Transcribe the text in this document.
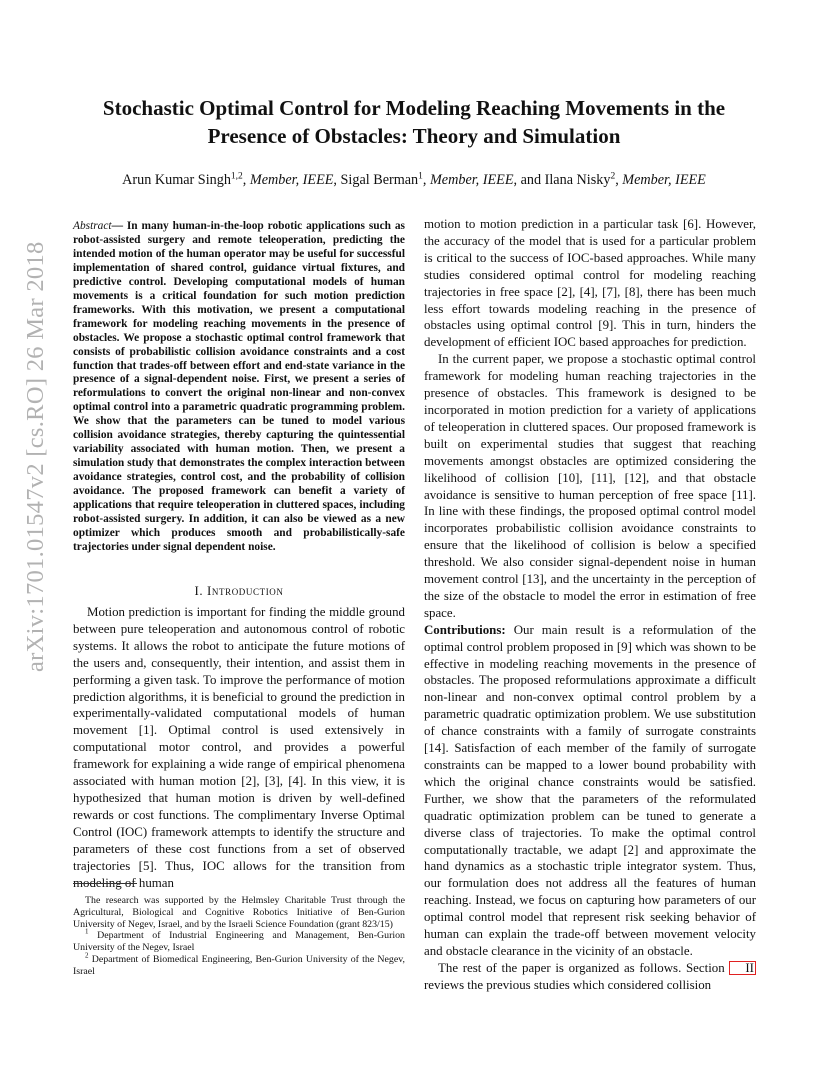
Stochastic Optimal Control for Modeling Reaching Movements in the
Presence of Obstacles: Theory and Simulation
Arun Kumar Singh$^{1,2}$, Member, IEEE, Sigal Berman$^1$, Member, IEEE, and Ilana Nisky$^2$, Member, IEEE
arXiv:1701.01547v2 [cs.RO] 26 Mar 2018
Abstract— In many human-in-the-loop robotic applications such as robot-assisted surgery and remote teleoperation, predicting the intended motion of the human operator may be useful for successful implementation of shared control, guidance virtual fixtures, and predictive control. Developing computational models of human movements is a critical foundation for such motion prediction frameworks. With this motivation, we present a computational framework for modeling reaching movements in the presence of obstacles. We propose a stochastic optimal control framework that consists of probabilistic collision avoidance constraints and a cost function that trades-off between effort and end-state variance in the presence of a signal-dependent noise. First, we present a series of reformulations to convert the original non-linear and non-convex optimal control into a parametric quadratic programming problem. We show that the parameters can be tuned to model various collision avoidance strategies, thereby capturing the quintessential variability associated with human motion. Then, we present a simulation study that demonstrates the complex interaction between avoidance strategies, control cost, and the probability of collision avoidance. The proposed framework can benefit a variety of applications that require teleoperation in cluttered spaces, including robot-assisted surgery. In addition, it can also be viewed as a new optimizer which produces smooth and probabilistically-safe trajectories under signal dependent noise.
I. Introduction

Motion prediction is important for finding the middle ground between pure teleoperation and autonomous control of robotic systems. It allows the robot to anticipate the future motions of the users and, consequently, their intention, and assist them in performing a given task. To improve the performance of motion prediction algorithms, it is beneficial to ground the prediction in experimentally-validated computational models of human movement [1]. Optimal control is used extensively in computational motor control, and provides a powerful framework for explaining a wide range of empirical phenomena associated with human motion [2], [3], [4]. In this view, it is hypothesized that human motion is driven by well-defined rewards or cost functions. The complimentary Inverse Optimal Control (IOC) framework attempts to identify the structure and parameters of these cost functions from a set of observed trajectories [5]. Thus, IOC allows for the transition from modeling of human

The research was supported by the Helmsley Charitable Trust through the Agricultural, Biological and Cognitive Robotics Initiative of Ben-Gurion University of Negev, Israel, and by the Israeli Science Foundation (grant 823/15)

$^1$ Department of Industrial Engineering and Management, Ben-Gurion University of the Negev, Israel

$^2$ Department of Biomedical Engineering, Ben-Gurion University of the Negev, Israel

motion to motion prediction in a particular task [6]. However, the accuracy of the model that is used for a particular problem is critical to the success of IOC-based approaches. While many studies considered optimal control for modeling reaching trajectories in free space [2], [4], [7], [8], there has been much less effort towards modeling reaching in the presence of obstacles using optimal control [9]. This in turn, hinders the development of efficient IOC based approaches for prediction.

In the current paper, we propose a stochastic optimal control framework for modeling human reaching trajectories in the presence of obstacles. This framework is designed to be incorporated in motion prediction for a variety of applications of teleoperation in cluttered spaces. Our proposed framework is built on experimental studies that suggest that reaching movements amongst obstacles are optimized considering the likelihood of collision [10], [11], [12], and that obstacle avoidance is sensitive to human perception of free space [11]. In line with these findings, the proposed optimal control model incorporates probabilistic collision avoidance constraints to ensure that the likelihood of collision is below a specified threshold. We also consider signal-dependent noise in human movement control [13], and the uncertainty in the perception of the size of the obstacle to model the error in estimation of free space.

Contributions: Our main result is a reformulation of the optimal control problem proposed in [9] which was shown to be effective in modeling reaching movements in the presence of obstacles. The proposed reformulations approximate a difficult non-linear and non-convex optimal control problem by a parametric quadratic optimization problem. We use substitution of chance constraints with a family of surrogate constraints [14]. Satisfaction of each member of the family of surrogate constraints can be mapped to a lower bound probability with which the original chance constraints would be satisfied. Further, we show that the parameters of the reformulated quadratic optimization problem can be tuned to generate a diverse class of trajectories. To make the optimal control computationally tractable, we adapt [2] and approximate the hand dynamics as a stochastic triple integrator system. Thus, our formulation does not address all the features of human reaching. Instead, we focus on capturing how parameters of our optimal control model that represent risk seeking behavior of human can explain the trade-off between movement velocity and obstacle clearance in the vicinity of an obstacle.

The rest of the paper is organized as follows. Section II reviews the previous studies which considered collision
